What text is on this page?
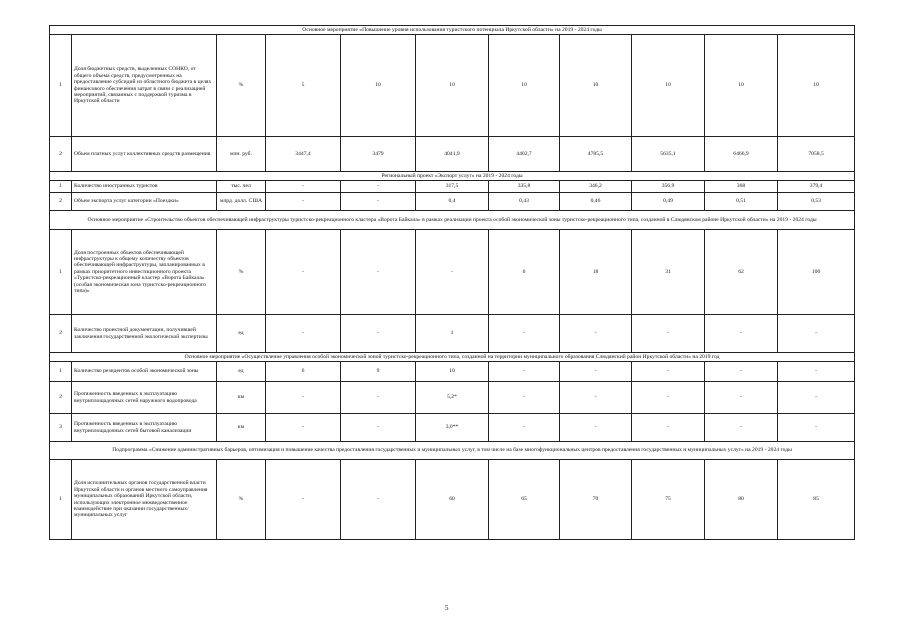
Основное мероприятие «Повышение уровня использования туристского потенциала Иркутской области» на 2019 - 2024 годы										
1	Доля бюджетных средств, выделенных СОНКО, от общего объема средств, предусмотренных на предоставление субсидий из областного бюджета в целях финансового обеспечения затрат в связи с реализацией мероприятий, связанных с поддержкой туризма в Иркутской области	%	5	10	10	10	10	10	10	10
2	Объем платных услуг коллективных средств размещения	млн. руб.	3447,4	3479	4041,9	4402,7	4785,5	5635,1	6466,9	7058,5
Региональный проект «Экспорт услуг» на 2019 - 2024 годы										
1	Количество иностранных туристов	тыс. чел	-	-	317,5	335,8	346,2	356,9	368	379,4
2	Объем экспорта услуг категории «Поездки»	млрд. долл. США	-	-	0,4	0,43	0,46	0,49	0,51	0,53
Основное мероприятие «Строительство объектов обеспечивающей инфраструктуры туристско-рекреационного кластера «Ворота Байкала» в рамках реализации проекта особой экономической зоны туристско-рекреационного типа, созданной в Слюдянском районе Иркутской области» на 2019 - 2024 годы										
1	Доля построенных объектов обеспечивающей инфраструктуры к общему количеству объектов обеспечивающей инфраструктуры, запланированных в рамках приоритетного инвестиционного проекта «Туристско-рекреационный кластер «Ворота Байкала» (особая экономическая зона туристско-рекреационного типа)»	%	-	-	-	6	18	31	62	100
2	Количество проектной документации, получившей заключения государственной экологической экспертизы	ед	-	-	1	-	-	-	-	-
Основное мероприятие «Осуществление управления особой экономической зоной туристско-рекреационного типа, созданной на территории муниципального образования Слюдянский район Иркутской области» на 2019 год										
1	Количество резидентов особой экономической зоны	ед	6	9	10	-	-	-	-	-
2	Протяженность введенных в эксплуатацию внутриплощадочных сетей наружного водопровода	км	-	-	5,2*	-	-	-	-	-
3	Протяженность введенных в эксплуатацию внутриплощадочных сетей бытовой канализации	км	-	-	3,0**	-	-	-	-	-
Подпрограмма «Снижение административных барьеров, оптимизация и повышение качества предоставления государственных и муниципальных услуг, в том числе на базе многофункциональных центров предоставления государственных и муниципальных услуг» на 2019 - 2024 годы										
1	Доля исполнительных органов государственной власти Иркутской области и органов местного самоуправления муниципальных образований Иркутской области, использующих электронное межведомственное взаимодействие при оказании государственных/муниципальных услуг	%	-	-	60	65	70	75	80	85
5
